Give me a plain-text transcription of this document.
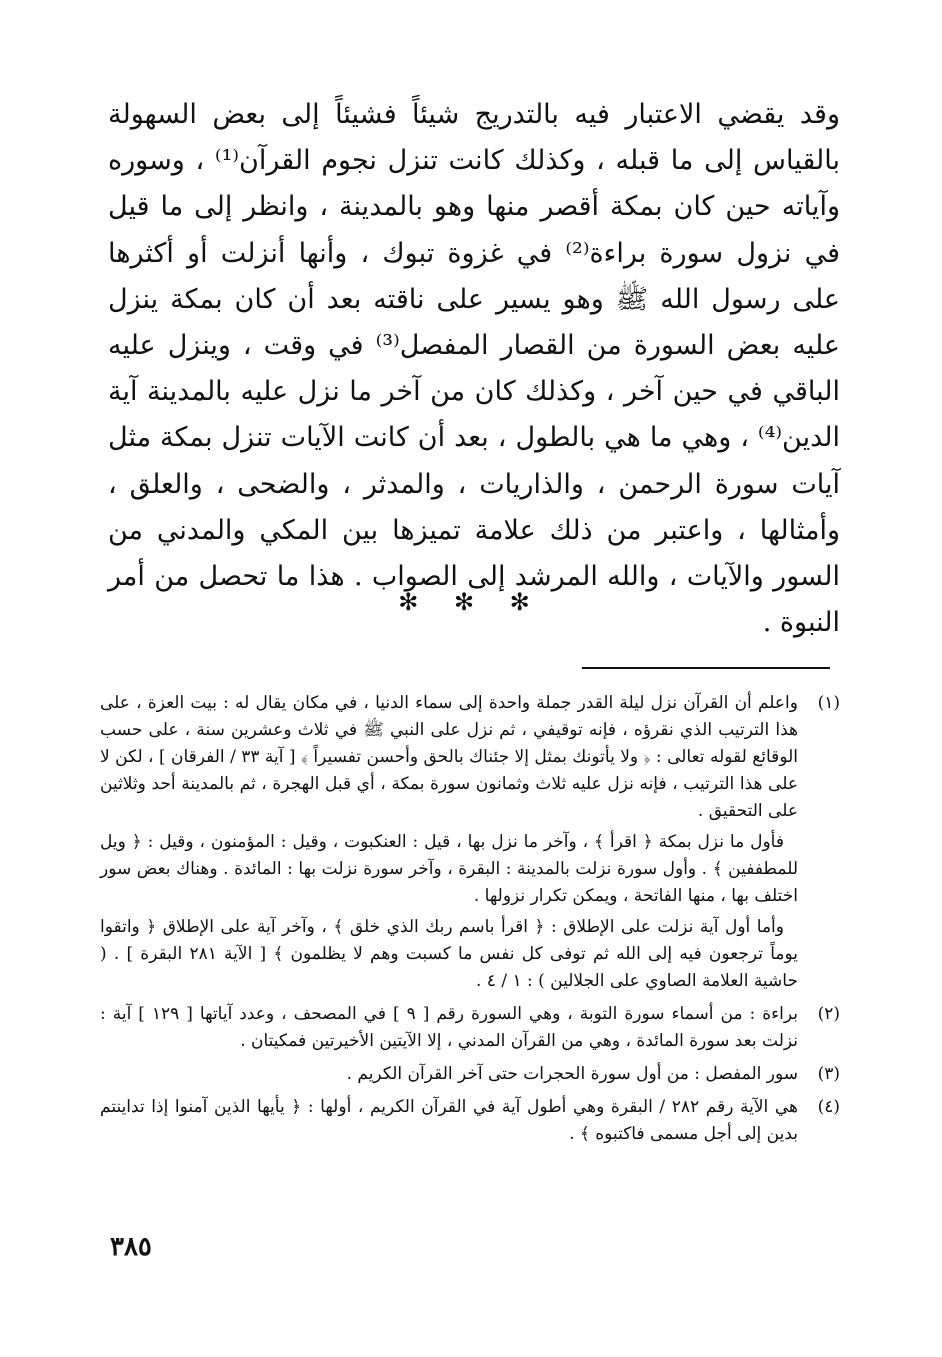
وقد يقضي الاعتبار فيه بالتدريج شيئاً فشيئاً إلى بعض السهولة بالقياس إلى ما قبله ، وكذلك كانت تنزل نجوم القرآن⁽¹⁾ ، وسوره وآياته حين كان بمكة أقصر منها وهو بالمدينة ، وانظر إلى ما قيل في نزول سورة براءة⁽²⁾ في غزوة تبوك ، وأنها أنزلت أو أكثرها على رسول الله ﷺ وهو يسير على ناقته بعد أن كان بمكة ينزل عليه بعض السورة من القصار المفصل⁽³⁾ في وقت ، وينزل عليه الباقي في حين آخر ، وكذلك كان من آخر ما نزل عليه بالمدينة آية الدين⁽⁴⁾ ، وهي ما هي بالطول ، بعد أن كانت الآيات تنزل بمكة مثل آيات سورة الرحمن ، والذاريات ، والمدثر ، والضحى ، والعلق ، وأمثالها ، واعتبر من ذلك علامة تميزها بين المكي والمدني من السور والآيات ، والله المرشد إلى الصواب . هذا ما تحصل من أمر النبوة .

✻ ✻ ✻
(١)

واعلم أن القرآن نزل ليلة القدر جملة واحدة إلى سماء الدنيا ، في مكان يقال له : بيت العزة ، على هذا الترتيب الذي نقرؤه ، فإنه توقيفي ، ثم نزل على النبي ﷺ في ثلاث وعشرين سنة ، على حسب الوقائع لقوله تعالى : ﴿ ولا يأتونك بمثل إلا جئناك بالحق وأحسن تفسيراً ﴾ [ آية ٣٣ / الفرقان ] ، لكن لا على هذا الترتيب ، فإنه نزل عليه ثلاث وثمانون سورة بمكة ، أي قبل الهجرة ، ثم بالمدينة أحد وثلاثين على التحقيق .

فأول ما نزل بمكة ﴿ اقرأ ﴾ ، وآخر ما نزل بها ، قيل : العنكبوت ، وقيل : المؤمنون ، وقيل : ﴿ ويل للمطففين ﴾ . وأول سورة نزلت بالمدينة : البقرة ، وآخر سورة نزلت بها : المائدة . وهناك بعض سور اختلف بها ، منها الفاتحة ، ويمكن تكرار نزولها .

وأما أول آية نزلت على الإطلاق : ﴿ اقرأ باسم ربك الذي خلق ﴾ ، وآخر آية على الإطلاق ﴿ واتقوا يوماً ترجعون فيه إلى الله ثم توفى كل نفس ما كسبت وهم لا يظلمون ﴾ [ الآية ٢٨١ البقرة ] . ( حاشية العلامة الصاوي على الجلالين ) : ١ / ٤ .

(٢)

براءة : من أسماء سورة التوبة ، وهي السورة رقم [ ٩ ] في المصحف ، وعدد آياتها [ ١٢٩ ] آية : نزلت بعد سورة المائدة ، وهي من القرآن المدني ، إلا الآيتين الأخيرتين فمكيتان .

(٣)

سور المفصل : من أول سورة الحجرات حتى آخر القرآن الكريم .

(٤)

هي الآية رقم ٢٨٢ / البقرة وهي أطول آية في القرآن الكريم ، أولها : ﴿ يأيها الذين آمنوا إذا تداينتم بدين إلى أجل مسمى فاكتبوه ﴾ .

٣٨٥
